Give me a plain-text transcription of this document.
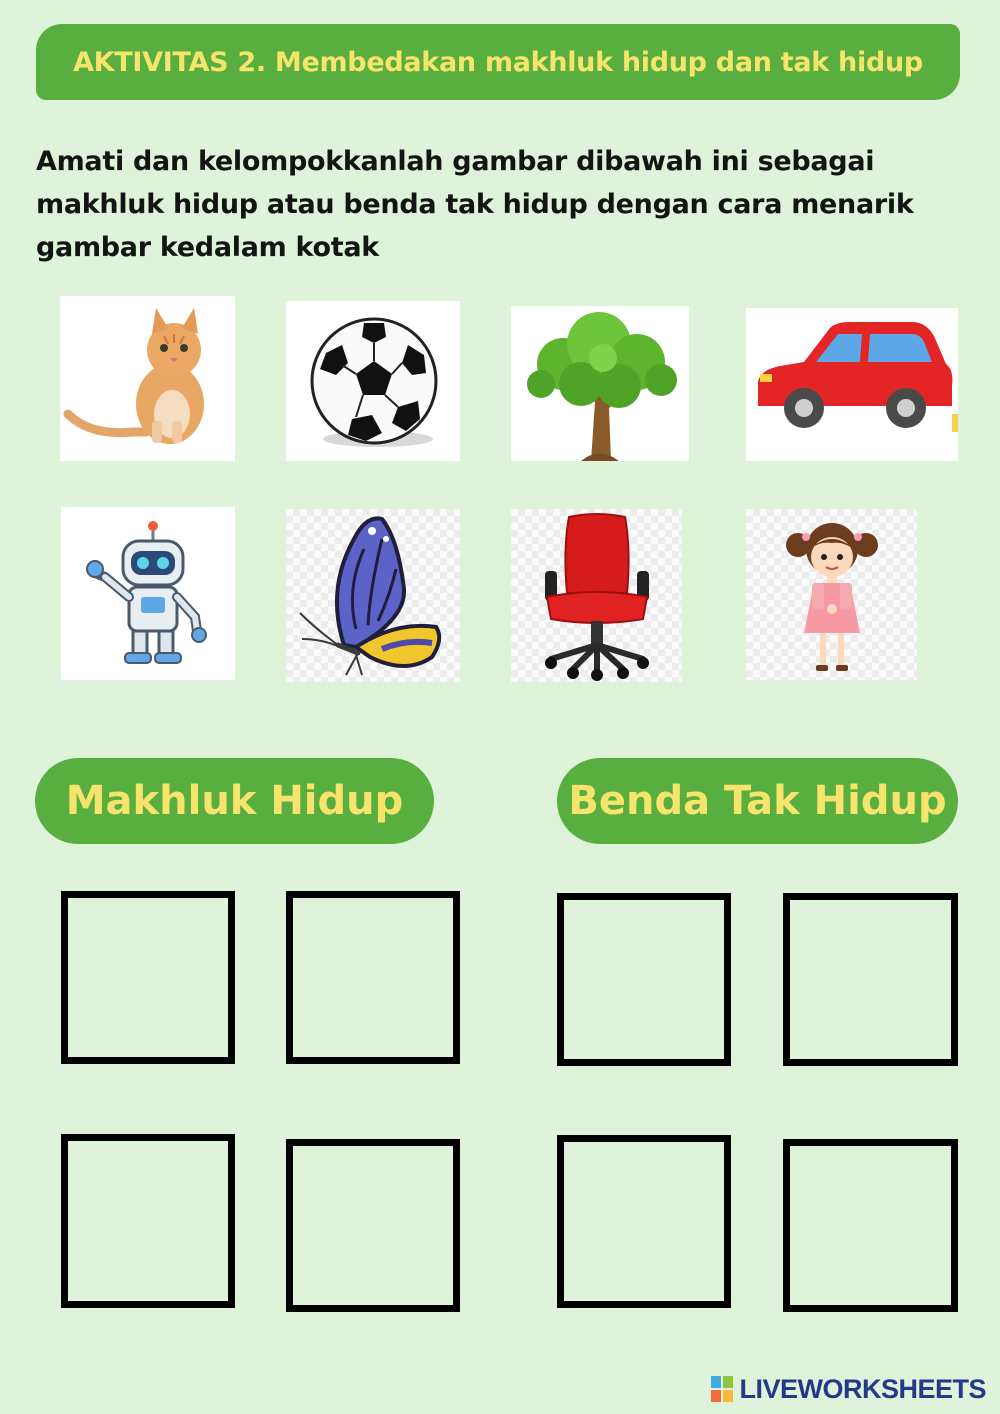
AKTIVITAS 2. Membedakan makhluk hidup dan tak hidup
Amati dan kelompokkanlah gambar dibawah ini sebagai makhluk hidup atau benda tak hidup dengan cara menarik gambar kedalam kotak
Makhluk Hidup	Benda Tak Hidup
LIVEWORKSHEETS
